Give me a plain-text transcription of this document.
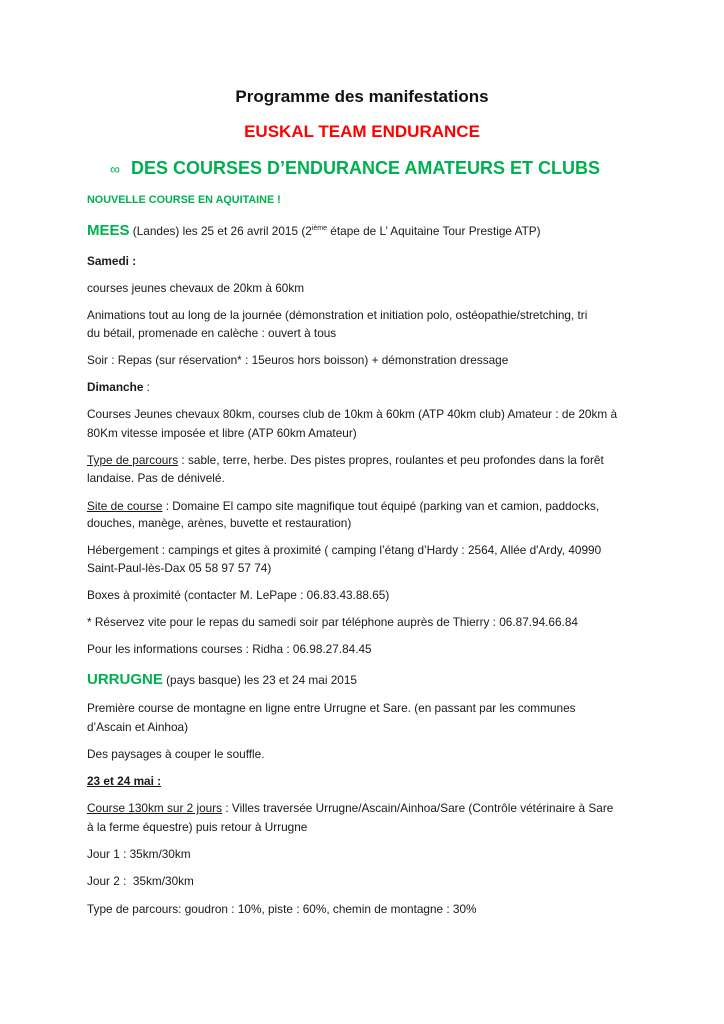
Programme des manifestations
EUSKAL TEAM ENDURANCE
∞ DES COURSES D’ENDURANCE AMATEURS ET CLUBS
NOUVELLE COURSE EN AQUITAINE !
MEES (Landes) les 25 et 26 avril 2015 (2ième étape de L’ Aquitaine Tour Prestige ATP)
Samedi :
courses jeunes chevaux de 20km à 60km
Animations tout au long de la journée (démonstration et initiation polo, ostéopathie/stretching, tri
du bétail, promenade en calèche : ouvert à tous
Soir : Repas (sur réservation* : 15euros hors boisson) + démonstration dressage
Dimanche :
Courses Jeunes chevaux 80km, courses club de 10km à 60km (ATP 40km club) Amateur : de 20km à
80Km vitesse imposée et libre (ATP 60km Amateur)
Type de parcours : sable, terre, herbe. Des pistes propres, roulantes et peu profondes dans la forêt
landaise. Pas de dénivelé.
Site de course : Domaine El campo site magnifique tout équipé (parking van et camion, paddocks,
douches, manège, arènes, buvette et restauration)
Hébergement : campings et gites à proximité ( camping l’étang d’Hardy : 2564, Allée d'Ardy, 40990
Saint-Paul-lès-Dax 05 58 97 57 74)
Boxes à proximité (contacter M. LePape : 06.83.43.88.65)
* Réservez vite pour le repas du samedi soir par téléphone auprès de Thierry : 06.87.94.66.84
Pour les informations courses : Ridha : 06.98.27.84.45
URRUGNE (pays basque) les 23 et 24 mai 2015
Première course de montagne en ligne entre Urrugne et Sare. (en passant par les communes
d’Ascain et Ainhoa)
Des paysages à couper le souffle.
23 et 24 mai :
Course 130km sur 2 jours : Villes traversée Urrugne/Ascain/Ainhoa/Sare (Contrôle vétérinaire à Sare
à la ferme équestre) puis retour à Urrugne
Jour 1 : 35km/30km
Jour 2 :  35km/30km
Type de parcours: goudron : 10%, piste : 60%, chemin de montagne : 30%
